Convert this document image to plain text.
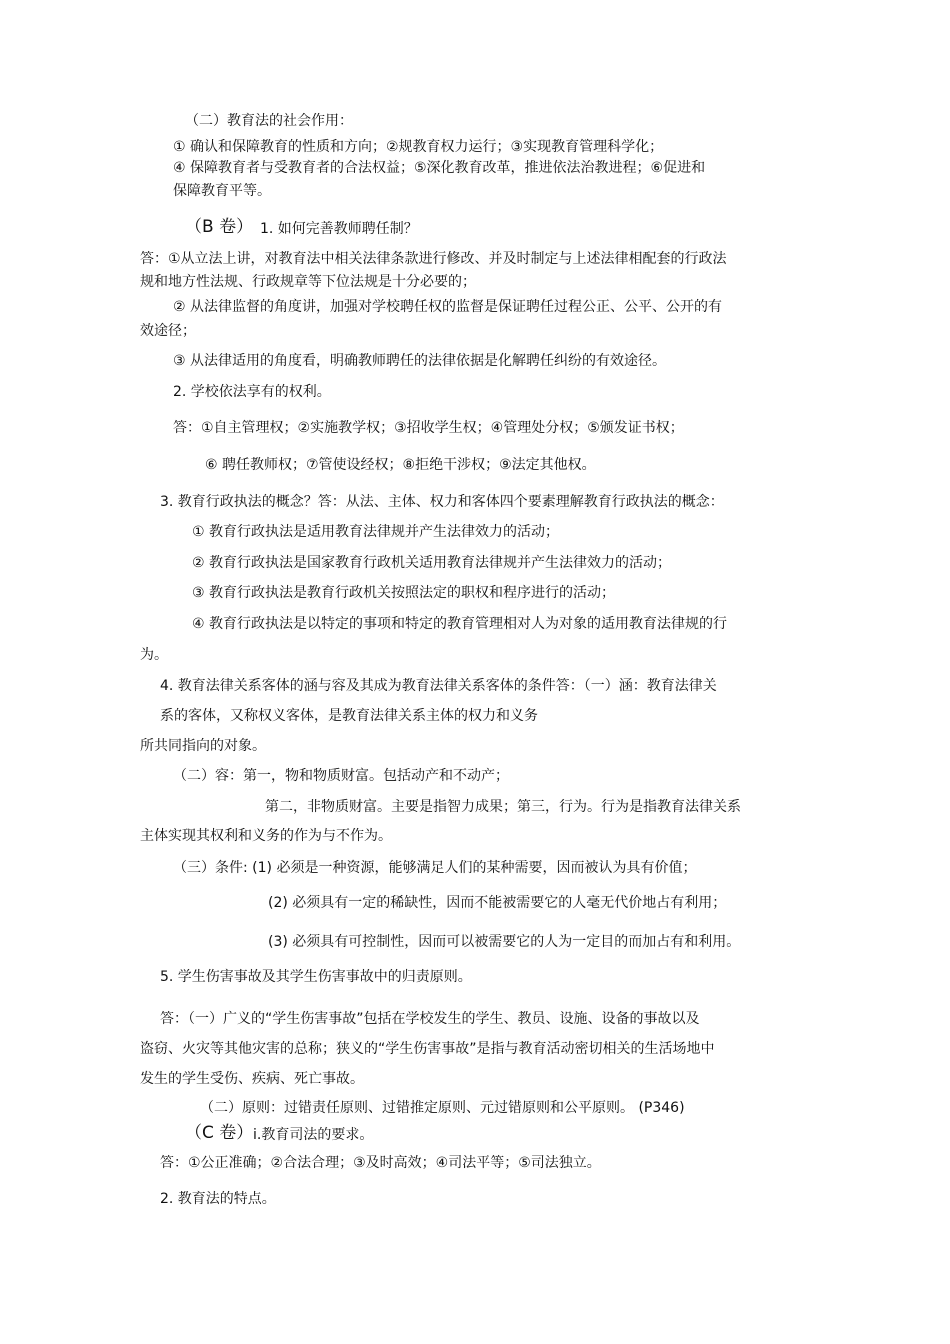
（二）教育法的社会作用：
① 确认和保障教育的性质和方向；②规教育权力运行；③实现教育管理科学化；
④ 保障教育者与受教育者的合法权益；⑤深化教育改革，推进依法治教进程；⑥促进和
保障教育平等。
（B 卷） 1. 如何完善教师聘任制？
答：①从立法上讲，对教育法中相关法律条款进行修改、并及时制定与上述法律相配套的行政法
规和地方性法规、行政规章等下位法规是十分必要的；
② 从法律监督的角度讲，加强对学校聘任权的监督是保证聘任过程公正、公平、公开的有
效途径；
③ 从法律适用的角度看，明确教师聘任的法律依据是化解聘任纠纷的有效途径。
2. 学校依法享有的权利。
答：①自主管理权；②实施教学权；③招收学生权；④管理处分权；⑤颁发证书权；
⑥ 聘任教师权；⑦管使设经权；⑧拒绝干涉权；⑨法定其他权。
3. 教育行政执法的概念？答：从法、主体、权力和客体四个要素理解教育行政执法的概念：
① 教育行政执法是适用教育法律规并产生法律效力的活动；
② 教育行政执法是国家教育行政机关适用教育法律规并产生法律效力的活动；
③ 教育行政执法是教育行政机关按照法定的职权和程序进行的活动；
④ 教育行政执法是以特定的事项和特定的教育管理相对人为对象的适用教育法律规的行
为。
4. 教育法律关系客体的涵与容及其成为教育法律关系客体的条件答：（一）涵：教育法律关
系的客体，又称权义客体，是教育法律关系主体的权力和义务
所共同指向的对象。
（二）容：第一，物和物质财富。包括动产和不动产；
第二，非物质财富。主要是指智力成果；第三，行为。行为是指教育法律关系
主体实现其权利和义务的作为与不作为。
（三）条件: (1) 必须是一种资源，能够满足人们的某种需要，因而被认为具有价值；
(2) 必须具有一定的稀缺性，因而不能被需要它的人毫无代价地占有利用；
(3) 必须具有可控制性，因而可以被需要它的人为一定目的而加占有和利用。
5. 学生伤害事故及其学生伤害事故中的归责原则。
答：（一）广义的“学生伤害事故”包括在学校发生的学生、教员、设施、设备的事故以及
盗窃、火灾等其他灾害的总称；狭义的“学生伤害事故”是指与教育活动密切相关的生活场地中
发生的学生受伤、疾病、死亡事故。
（二）原则：过错责任原则、过错推定原则、元过错原则和公平原则。 (P346)
（C 卷） i.教育司法的要求。
答：①公正准确；②合法合理；③及时高效；④司法平等；⑤司法独立。
2. 教育法的特点。
